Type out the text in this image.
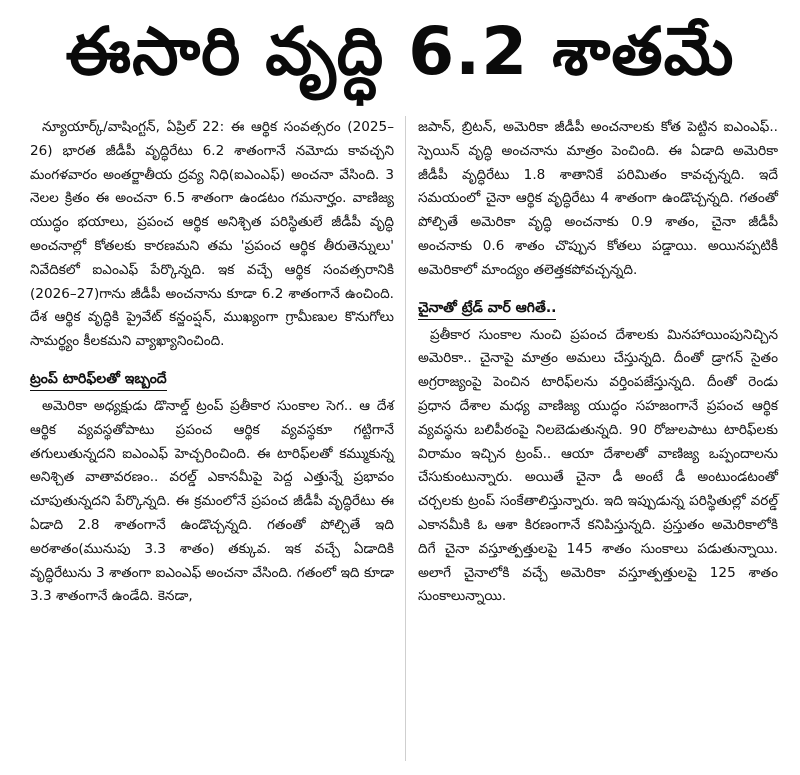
ఈసారి వృద్ధి 6.2 శాతమే

న్యూయార్క్/వాషింగ్టన్, ఏప్రిల్ 22: ఈ ఆర్థిక సంవత్సరం (2025–26) భారత జీడీపీ వృద్ధిరేటు 6.2 శాతంగానే నమోదు కావచ్చని మంగళవారం అంతర్జాతీయ ద్రవ్య నిధి(ఐఎంఎఫ్) అంచనా వేసింది. 3 నెలల క్రితం ఈ అంచనా 6.5 శాతంగా ఉండటం గమనార్హం. వాణిజ్య యుద్ధం భయాలు, ప్రపంచ ఆర్థిక అనిశ్చిత పరిస్థితులే జీడీపీ వృద్ధి అంచనాల్లో కోతలకు కారణమని తమ 'ప్రపంచ ఆర్థిక తీరుతెన్నులు' నివేదికలో ఐఎంఎఫ్ పేర్కొన్నది. ఇక వచ్చే ఆర్థిక సంవత్సరానికి (2026–27)గాను జీడీపీ అంచనాను కూడా 6.2 శాతంగానే ఉంచింది. దేశ ఆర్థిక వృద్ధికి ప్రైవేట్ కన్జంప్షన్, ముఖ్యంగా గ్రామీణుల కొనుగోలు సామర్థ్యం కీలకమని వ్యాఖ్యానించింది.

ట్రంప్ టారిఫ్‌లతో ఇబ్బందే

అమెరికా అధ్యక్షుడు డొనాల్డ్ ట్రంప్ ప్రతీకార సుంకాల సెగ.. ఆ దేశ ఆర్థిక వ్యవస్థతోపాటు ప్రపంచ ఆర్థిక వ్యవస్థకూ గట్టిగానే తగులుతున్నదని ఐఎంఎఫ్ హెచ్చరించింది. ఈ టారిఫ్‌లతో కమ్ముకున్న అనిశ్చిత వాతావరణం.. వరల్డ్ ఎకానమీపై పెద్ద ఎత్తున్నే ప్రభావం చూపుతున్నదని పేర్కొన్నది. ఈ క్రమంలోనే ప్రపంచ జీడీపీ వృద్ధిరేటు ఈ ఏడాది 2.8 శాతంగానే ఉండొచ్చన్నది. గతంతో పోల్చితే ఇది అరశాతం(మునుపు 3.3 శాతం) తక్కువ. ఇక వచ్చే ఏడాదికి వృద్ధిరేటును 3 శాతంగా ఐఎంఎఫ్ అంచనా వేసింది. గతంలో ఇది కూడా 3.3 శాతంగానే ఉండేది. కెనడా,

జపాన్, బ్రిటన్, అమెరికా జీడీపీ అంచనాలకు కోత పెట్టిన ఐఎంఎఫ్.. స్పెయిన్ వృద్ధి అంచనాను మాత్రం పెంచింది. ఈ ఏడాది అమెరికా జీడీపీ వృద్ధిరేటు 1.8 శాతానికే పరిమితం కావచ్చన్నది. ఇదే సమయంలో చైనా ఆర్థిక వృద్ధిరేటు 4 శాతంగా ఉండొచ్చన్నది. గతంతో పోల్చితే అమెరికా వృద్ధి అంచనాకు 0.9 శాతం, చైనా జీడీపీ అంచనాకు 0.6 శాతం చొప్పున కోతలు పడ్డాయి. అయినప్పటికీ అమెరికాలో మాంద్యం తలెత్తకపోవచ్చన్నది.

చైనాతో ట్రేడ్ వార్ ఆగితే..

ప్రతీకార సుంకాల నుంచి ప్రపంచ దేశాలకు మినహాయింపునిచ్చిన అమెరికా.. చైనాపై మాత్రం అమలు చేస్తున్నది. దీంతో డ్రాగన్ సైతం అగ్రరాజ్యంపై పెంచిన టారిఫ్‌లను వర్తింపజేస్తున్నది. దీంతో రెండు ప్రధాన దేశాల మధ్య వాణిజ్య యుద్ధం సహజంగానే ప్రపంచ ఆర్థిక వ్యవస్థను బలిపీఠంపై నిలబెడుతున్నది. 90 రోజులపాటు టారిఫ్‌లకు విరామం ఇచ్చిన ట్రంప్.. ఆయా దేశాలతో వాణిజ్య ఒప్పందాలను చేసుకుంటున్నారు. అయితే చైనా డీ అంటే డీ అంటుండటంతో చర్చలకు ట్రంప్ సంకేతాలిస్తున్నారు. ఇది ఇప్పుడున్న పరిస్థితుల్లో వరల్డ్ ఎకానమీకి ఓ ఆశా కిరణంగానే కనిపిస్తున్నది. ప్రస్తుతం అమెరికాలోకి దిగే చైనా వస్తూత్పత్తులపై 145 శాతం సుంకాలు పడుతున్నాయి. అలాగే చైనాలోకి వచ్చే అమెరికా వస్తూత్పత్తులపై 125 శాతం సుంకాలున్నాయి.
